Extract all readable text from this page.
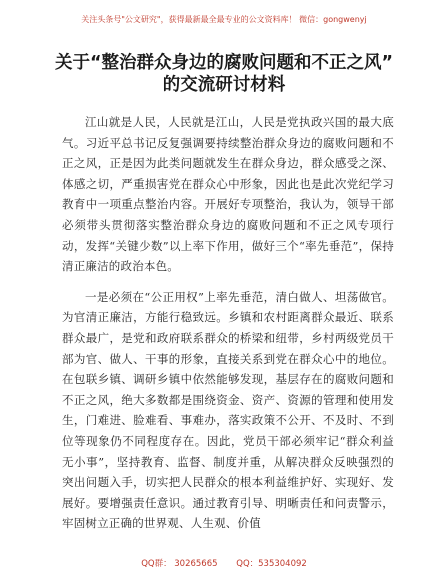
关注头条号"公文研究"，获得最新最全最专业的公文资料库！ 微信：gongwenyj
关于“整治群众身边的腐败问题和不正之风”
的交流研讨材料

江山就是人民，人民就是江山，人民是党执政兴国的最大底气。习近平总书记反复强调要持续整治群众身边的腐败问题和不正之风，正是因为此类问题就发生在群众身边，群众感受之深、体感之切，严重损害党在群众心中形象，因此也是此次党纪学习教育中一项重点整治内容。开展好专项整治，我认为，领导干部必须带头贯彻落实整治群众身边的腐败问题和不正之风专项行动，发挥“关键少数”以上率下作用，做好三个“率先垂范”，保持清正廉洁的政治本色。

一是必须在“公正用权”上率先垂范，清白做人、坦荡做官。为官清正廉洁，方能行稳致远。乡镇和农村距离群众最近、联系群众最广，是党和政府联系群众的桥梁和纽带，乡村两级党员干部为官、做人、干事的形象，直接关系到党在群众心中的地位。在包联乡镇、调研乡镇中依然能够发现，基层存在的腐败问题和不正之风，绝大多数都是围绕资金、资产、资源的管理和使用发生，门难进、脸难看、事难办，落实政策不公开、不及时、不到位等现象仍不同程度存在。因此，党员干部必须牢记“群众利益无小事”，坚持教育、监督、制度并重，从解决群众反映强烈的突出问题入手，切实把人民群众的根本利益维护好、实现好、发展好。要增强责任意识。通过教育引导、明晰责任和问责警示，牢固树立正确的世界观、人生观、价值

QQ群： 30265665 QQ：535304092
